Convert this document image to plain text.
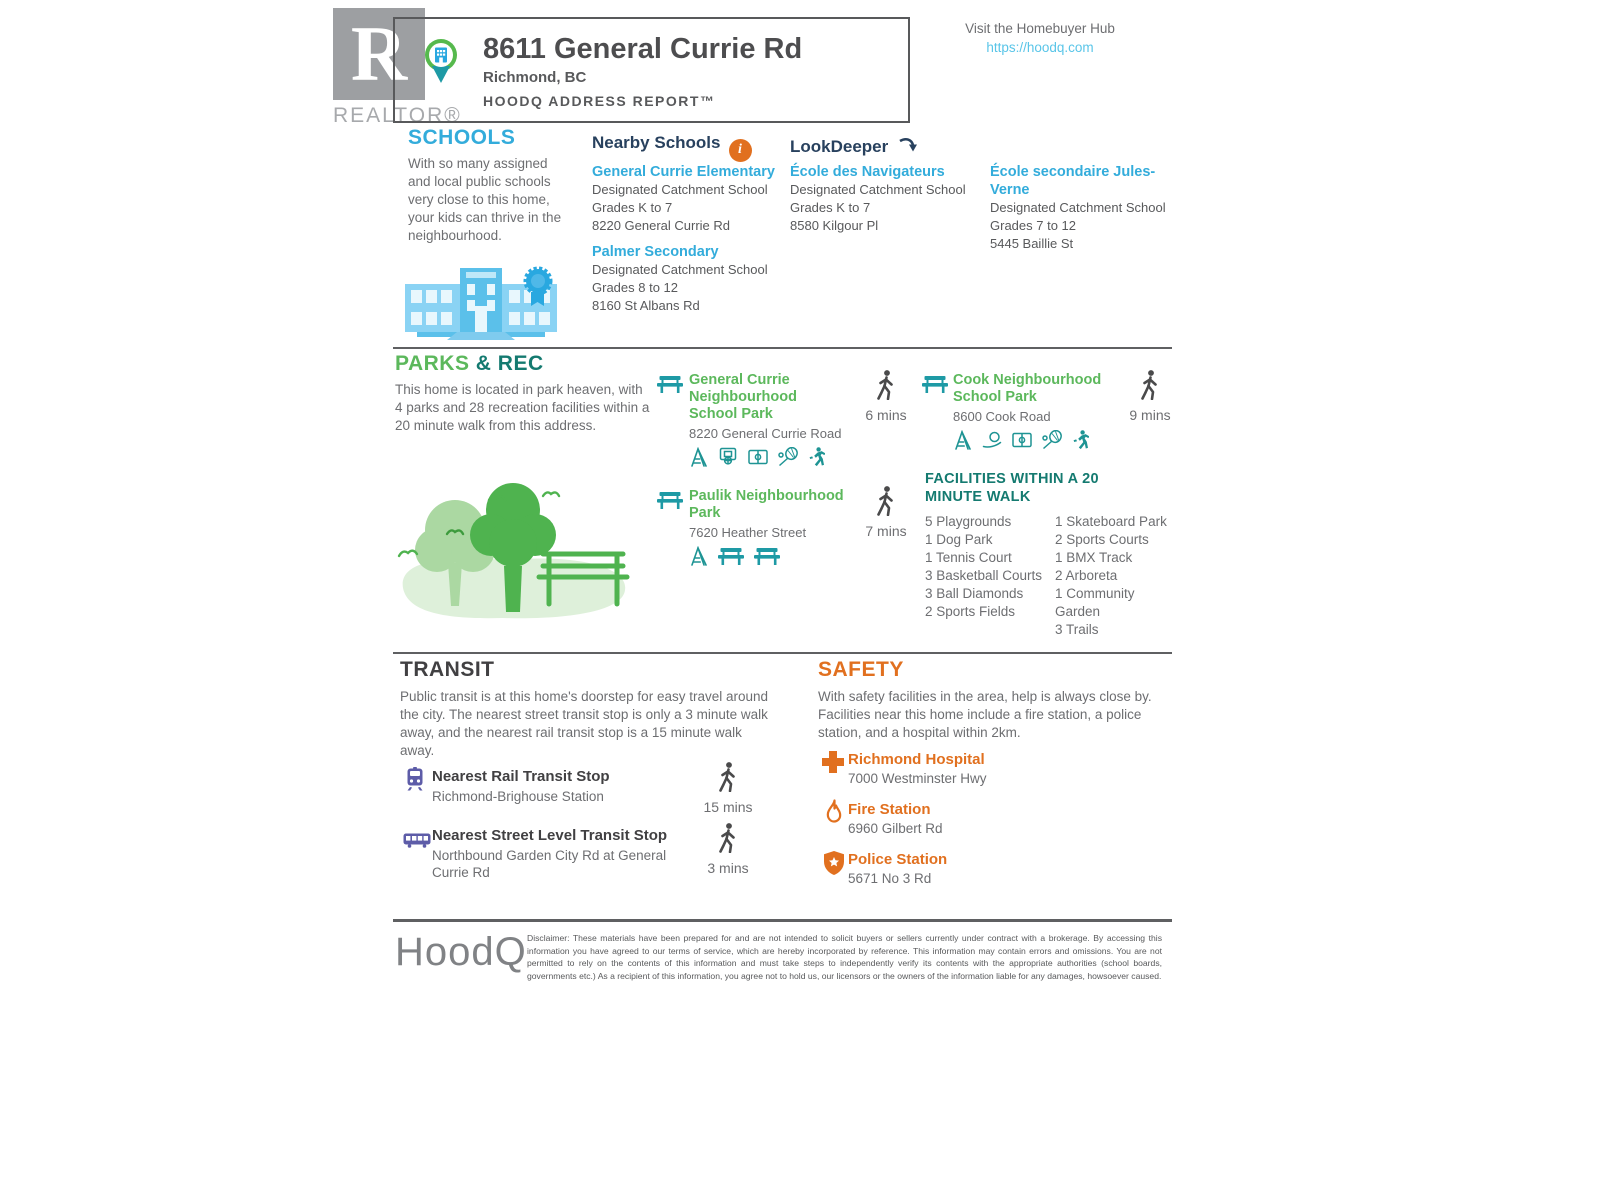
R
REALTOR®
8611 General Currie Rd
Richmond, BC
HOODQ ADDRESS REPORT™
Visit the Homebuyer Hub
https://hoodq.com
SCHOOLS
With so many assigned and local public schools very close to this home, your kids can thrive in the neighbourhood.
Nearby Schools i	LookDeeper
General Currie Elementary
Designated Catchment School
Grades K to 7
8220 General Currie Rd
Palmer Secondary
Designated Catchment School
Grades 8 to 12
8160 St Albans Rd
École des Navigateurs
Designated Catchment School
Grades K to 7
8580 Kilgour Pl
École secondaire Jules-Verne
Designated Catchment School
Grades 7 to 12
5445 Baillie St
PARKS & REC
This home is located in park heaven, with 4 parks and 28 recreation facilities within a 20 minute walk from this address.
General Currie Neighbourhood School Park
8220 General Currie Road

6 mins
Cook Neighbourhood School Park
8600 Cook Road
	9 mins
Paulik Neighbourhood Park
7620 Heather Street
	7 mins
FACILITIES WITHIN A 20 MINUTE WALK
5 Playgrounds
1 Dog Park
1 Tennis Court
3 Basketball Courts
3 Ball Diamonds
2 Sports Fields
1 Skateboard Park
2 Sports Courts
1 BMX Track
2 Arboreta
1 Community Garden
3 Trails
TRANSIT
Public transit is at this home's doorstep for easy travel around the city. The nearest street transit stop is only a 3 minute walk away, and the nearest rail transit stop is a 15 minute walk away.
Nearest Rail Transit Stop
Richmond-Brighouse Station
15 mins
Nearest Street Level Transit Stop
Northbound Garden City Rd at General Currie Rd	3 mins
SAFETY
With safety facilities in the area, help is always close by. Facilities near this home include a fire station, a police station, and a hospital within 2km.
Richmond Hospital
7000 Westminster Hwy
Fire Station
6960 Gilbert Rd
Police Station
5671 No 3 Rd
HoodQ Disclaimer: These materials have been prepared for and are not intended to solicit buyers or sellers currently under contract with a brokerage. By accessing this information you have agreed to our terms of service, which are hereby incorporated by reference. This information may contain errors and omissions. You are not permitted to rely on the contents of this information and must take steps to independently verify its contents with the appropriate authorities (school boards, governments etc.) As a recipient of this information, you agree not to hold us, our licensors or the owners of the information liable for any damages, howsoever caused.
